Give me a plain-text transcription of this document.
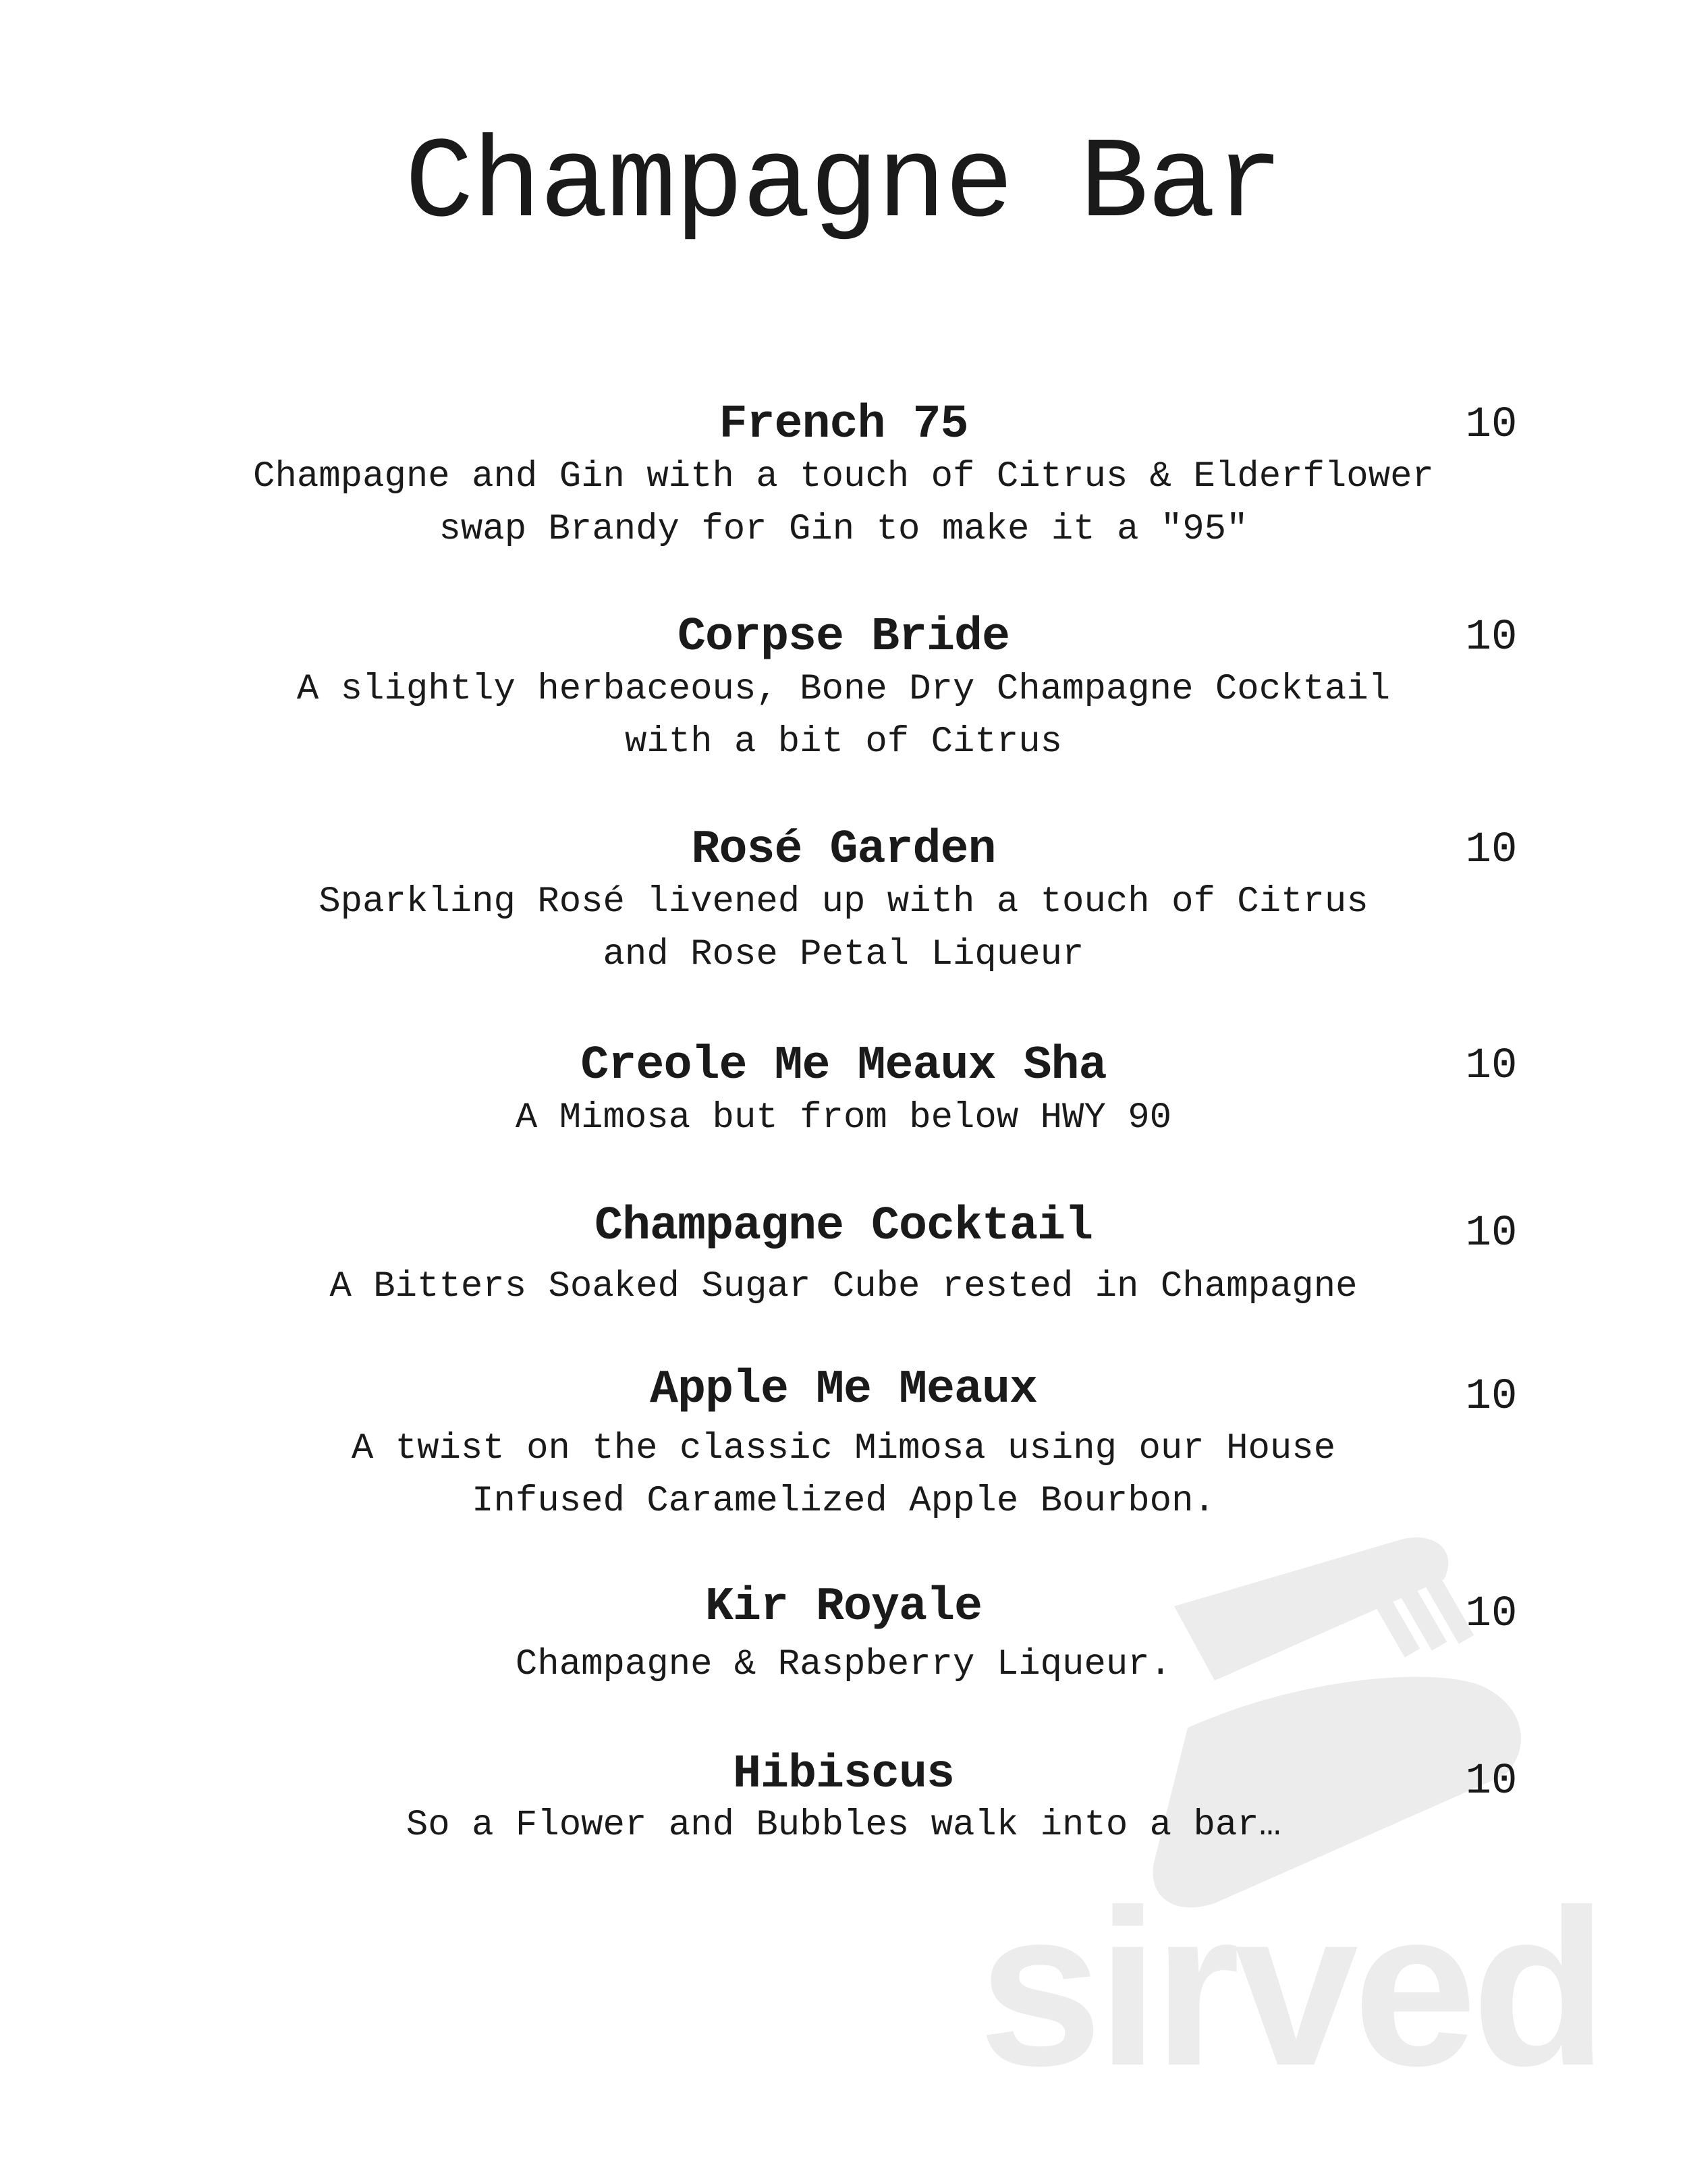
Champagne Bar
French 75	10
Champagne and Gin with a touch of Citrus & Elderflower
swap Brandy for Gin to make it a "95"
Corpse Bride	10
A slightly herbaceous, Bone Dry Champagne Cocktail
with a bit of Citrus
Rosé Garden	10
Sparkling Rosé livened up with a touch of Citrus
and Rose Petal Liqueur
Creole Me Meaux Sha	10
A Mimosa but from below HWY 90
Champagne Cocktail	10
A Bitters Soaked Sugar Cube rested in Champagne
Apple Me Meaux	10
A twist on the classic Mimosa using our House
Infused Caramelized Apple Bourbon.
Kir Royale	10
Champagne & Raspberry Liqueur.
Hibiscus	10
So a Flower and Bubbles walk into a bar…
sirved
